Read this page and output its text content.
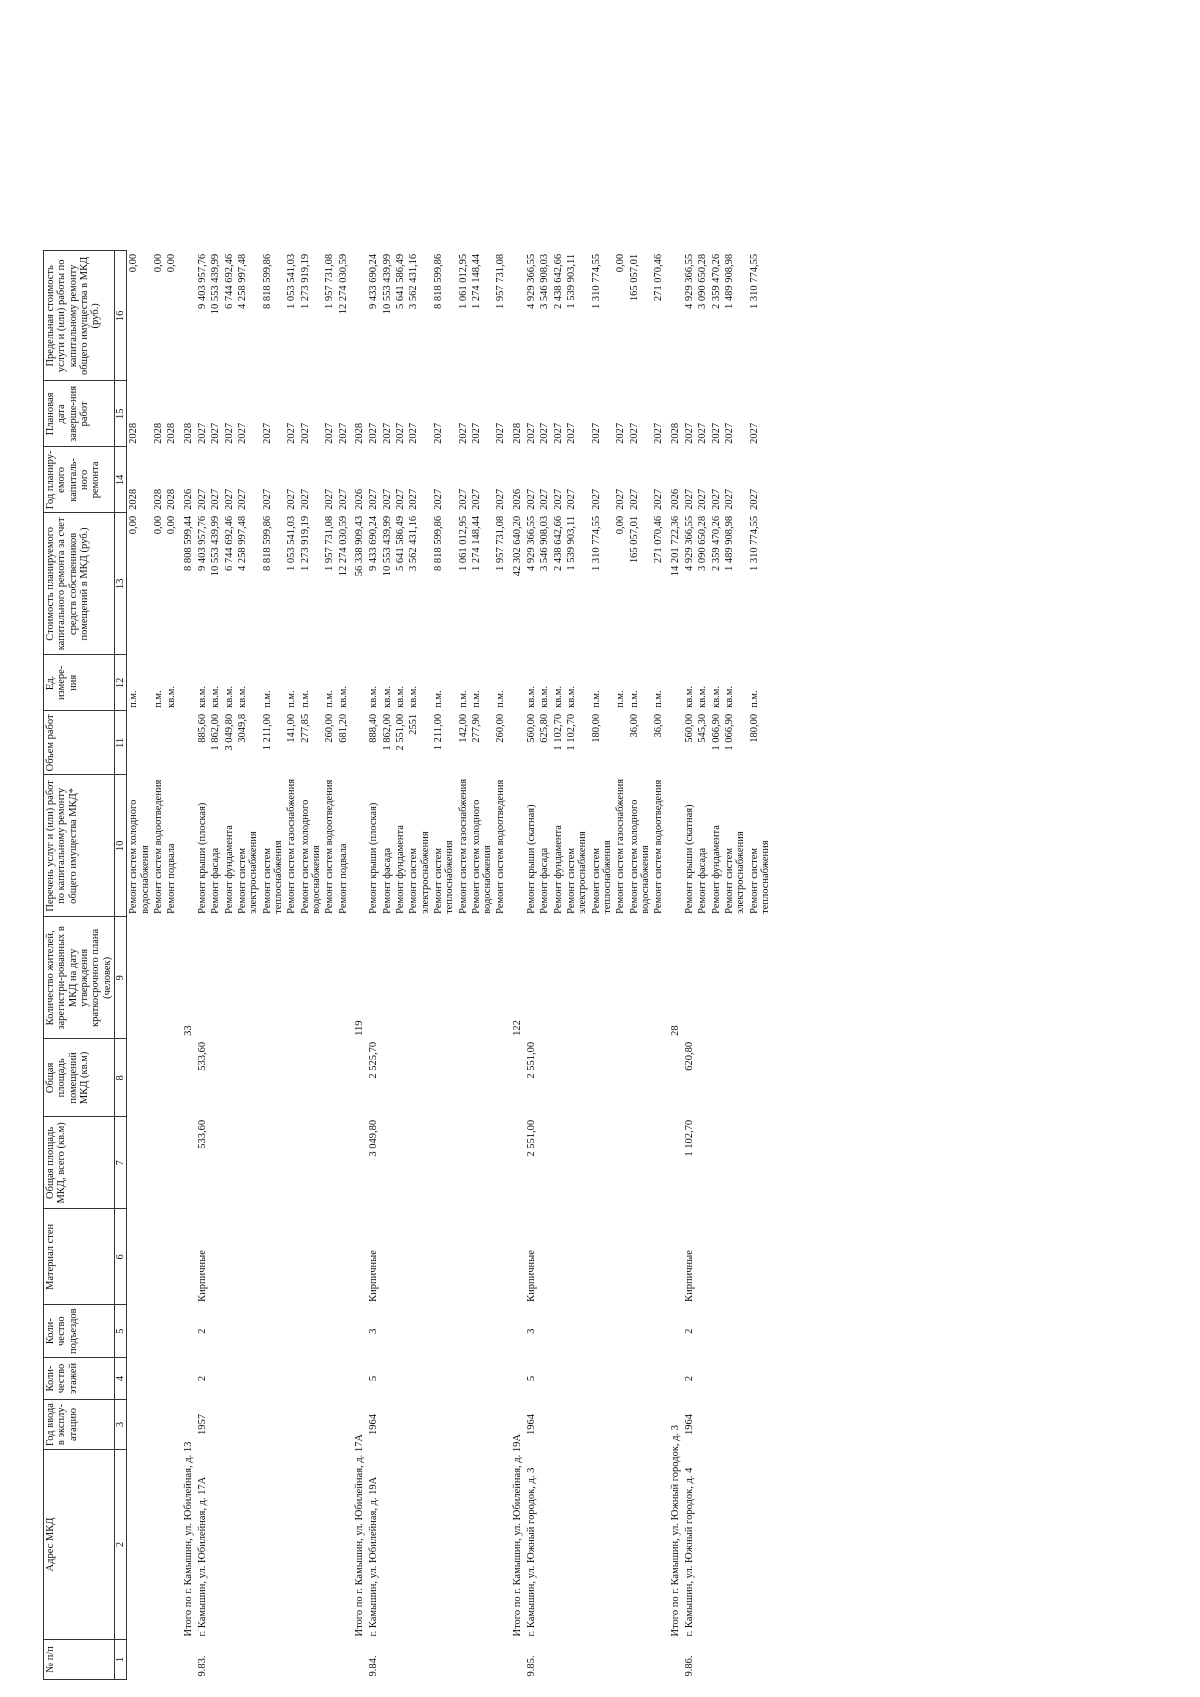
№ п/п	Адрес МКД	Год ввода в эксплу-атацию	Коли-чество этажей	Коли-чество подъездов	Материал стен	Общая площадь МКД, всего (кв.м)	Общая площадь помещений МКД (кв.м)	Количество жителей, зарегистри-рованных в МКД на дату утверждения краткосрочного плана (человек)	Перечень услуг и (или) работ по капитальному ремонту общего имущества МКД*	Объем работ	Ед. измере-ния	Стоимость планируемого капитального ремонта за счет средств собственников помещений в МКД (руб.)	Год планиру-емого капиталь-ного ремонта	Плановая дата заверше-ния работ	Предельная стоимость услуги и (или) работы по капитальному ремонту общего имущества в МКД (руб.)
1	2	3	4	5	6	7	8	9	10	11	12	13	14	15	16
									Ремонт систем холодного водоснабжения		п.м.	0,00	2028	2028	0,00
									Ремонт систем водоотведения		п.м.	0,00	2028	2028	0,00
									Ремонт подвала		кв.м.	0,00	2028	2028	0,00
	Итого по г. Камышин, ул. Юбилейная, д. 13							33				8 808 599,44	2026	2028	
9.83.	г. Камышин, ул. Юбилейная, д. 17А	1957	2	2	Кирпичные	533,60	533,60		Ремонт крыши (плоская)	885,60	кв.м.	9 403 957,76	2027	2027	9 403 957,76
									Ремонт фасада	1 862,00	кв.м.	10 553 439,99	2027	2027	10 553 439,99
									Ремонт фундамента	3 049,80	кв.м.	6 744 692,46	2027	2027	6 744 692,46
									Ремонт систем электроснабжения	3049,8	кв.м.	4 258 997,48	2027	2027	4 258 997,48
									Ремонт систем теплоснабжения	1 211,00	п.м.	8 818 599,86	2027	2027	8 818 599,86
									Ремонт систем газоснабжения	141,00	п.м.	1 053 541,03	2027	2027	1 053 541,03
									Ремонт систем холодного водоснабжения	277,85	п.м.	1 273 919,19	2027	2027	1 273 919,19
									Ремонт систем водоотведения	260,00	п.м.	1 957 731,08	2027	2027	1 957 731,08
									Ремонт подвала	681,20	кв.м.	12 274 030,59	2027	2027	12 274 030,59
	Итого по г. Камышин, ул. Юбилейная, д. 17А							119				56 338 909,43	2026	2028	
9.84.	г. Камышин, ул. Юбилейная, д. 19А	1964	5	3	Кирпичные	3 049,80	2 525,70		Ремонт крыши (плоская)	888,40	кв.м.	9 433 690,24	2027	2027	9 433 690,24
									Ремонт фасада	1 862,00	кв.м.	10 553 439,99	2027	2027	10 553 439,99
									Ремонт фундамента	2 551,00	кв.м.	5 641 586,49	2027	2027	5 641 586,49
									Ремонт систем электроснабжения	2551	кв.м.	3 562 431,16	2027	2027	3 562 431,16
									Ремонт систем теплоснабжения	1 211,00	п.м.	8 818 599,86	2027	2027	8 818 599,86
									Ремонт систем газоснабжения	142,00	п.м.	1 061 012,95	2027	2027	1 061 012,95
									Ремонт систем холодного водоснабжения	277,90	п.м.	1 274 148,44	2027	2027	1 274 148,44
									Ремонт систем водоотведения	260,00	п.м.	1 957 731,08	2027	2027	1 957 731,08
	Итого по г. Камышин, ул. Юбилейная, д. 19А							122				42 302 640,20	2026	2028	
9.85.	г. Камышин, ул. Южный городок, д. 3	1964	5	3	Кирпичные	2 551,00	2 551,00		Ремонт крыши (скатная)	560,00	кв.м.	4 929 366,55	2027	2027	4 929 366,55
									Ремонт фасада	625,80	кв.м.	3 546 908,03	2027	2027	3 546 908,03
									Ремонт фундамента	1 102,70	кв.м.	2 438 642,66	2027	2027	2 438 642,66
									Ремонт систем электроснабжения	1 102,70	кв.м.	1 539 903,11	2027	2027	1 539 903,11
									Ремонт систем теплоснабжения	180,00	п.м.	1 310 774,55	2027	2027	1 310 774,55
									Ремонт систем газоснабжения		п.м.	0,00	2027	2027	0,00
									Ремонт систем холодного водоснабжения	36,00	п.м.	165 057,01	2027	2027	165 057,01
									Ремонт систем водоотведения	36,00	п.м.	271 070,46	2027	2027	271 070,46
	Итого по г. Камышин, ул. Южный городок, д. 3							28				14 201 722,36	2026	2028	
9.86.	г. Камышин, ул. Южный городок, д. 4	1964	2	2	Кирпичные	1 102,70	620,80		Ремонт крыши (скатная)	560,00	кв.м.	4 929 366,55	2027	2027	4 929 366,55
									Ремонт фасада	545,30	кв.м.	3 090 650,28	2027	2027	3 090 650,28
									Ремонт фундамента	1 066,90	кв.м.	2 359 470,26	2027	2027	2 359 470,26
									Ремонт систем электроснабжения	1 066,90	кв.м.	1 489 908,98	2027	2027	1 489 908,98
									Ремонт систем теплоснабжения	180,00	п.м.	1 310 774,55	2027	2027	1 310 774,55
